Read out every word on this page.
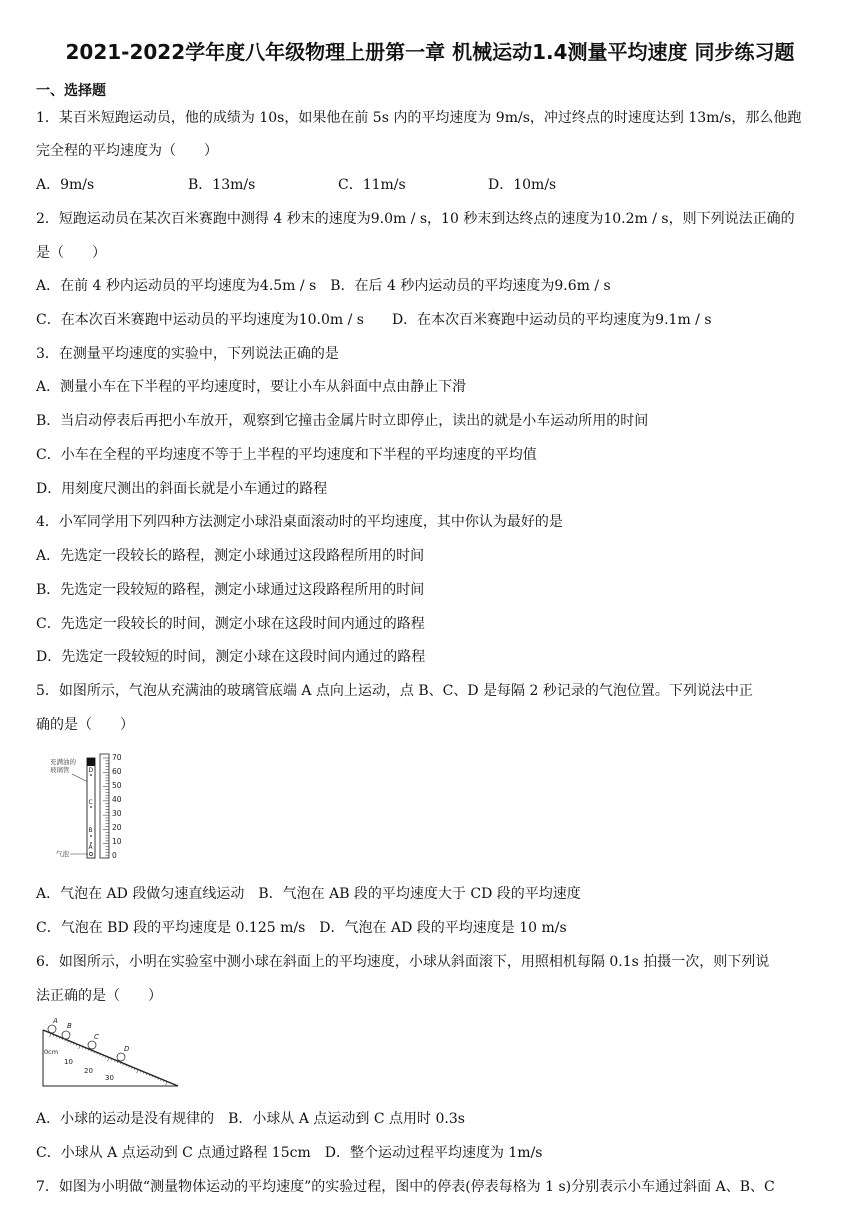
2021-2022学年度八年级物理上册第一章 机械运动1.4测量平均速度 同步练习题
一、选择题
1．某百米短跑运动员，他的成绩为 10s，如果他在前 5s 内的平均速度为 9m/s，冲过终点的时速度达到 13m/s，那么他跑
完全程的平均速度为（　　）
A．9m/s	B．13m/s	C．11m/s	D．10m/s
2．短跑运动员在某次百米赛跑中测得 4 秒末的速度为9.0m / s，10 秒末到达终点的速度为10.2m / s，则下列说法正确的
是（　　）
A．在前 4 秒内运动员的平均速度为4.5m / s　B．在后 4 秒内运动员的平均速度为9.6m / s
C．在本次百米赛跑中运动员的平均速度为10.0m / s　　D．在本次百米赛跑中运动员的平均速度为9.1m / s
3．在测量平均速度的实验中，下列说法正确的是
A．测量小车在下半程的平均速度时，要让小车从斜面中点由静止下滑
B．当启动停表后再把小车放开，观察到它撞击金属片时立即停止，读出的就是小车运动所用的时间
C．小车在全程的平均速度不等于上半程的平均速度和下半程的平均速度的平均值
D．用刻度尺测出的斜面长就是小车通过的路程
4．小军同学用下列四种方法测定小球沿桌面滚动时的平均速度，其中你认为最好的是
A．先选定一段较长的路程，测定小球通过这段路程所用的时间
B．先选定一段较短的路程，测定小球通过这段路程所用的时间
C．先选定一段较长的时间，测定小球在这段时间内通过的路程
D．先选定一段较短的时间，测定小球在这段时间内通过的路程
5．如图所示，气泡从充满油的玻璃管底端 A 点向上运动，点 B、C、D 是每隔 2 秒记录的气泡位置。下列说法中正
确的是（　　）
充满油的
玻璃管	D
C
B
A
气泡
70
60
50
40
30
20
10
0
A．气泡在 AD 段做匀速直线运动　B．气泡在 AB 段的平均速度大于 CD 段的平均速度
C．气泡在 BD 段的平均速度是 0.125 m/s　D．气泡在 AD 段的平均速度是 10 m/s
6．如图所示，小明在实验室中测小球在斜面上的平均速度，小球从斜面滚下，用照相机每隔 0.1s 拍摄一次，则下列说
法正确的是（　　）
0cm
10
20
30
A
B
C
D
A．小球的运动是没有规律的　B．小球从 A 点运动到 C 点用时 0.3s
C．小球从 A 点运动到 C 点通过路程 15cm　D．整个运动过程平均速度为 1m/s
7．如图为小明做“测量物体运动的平均速度”的实验过程，图中的停表(停表每格为 1 s)分别表示小车通过斜面 A、B、C
